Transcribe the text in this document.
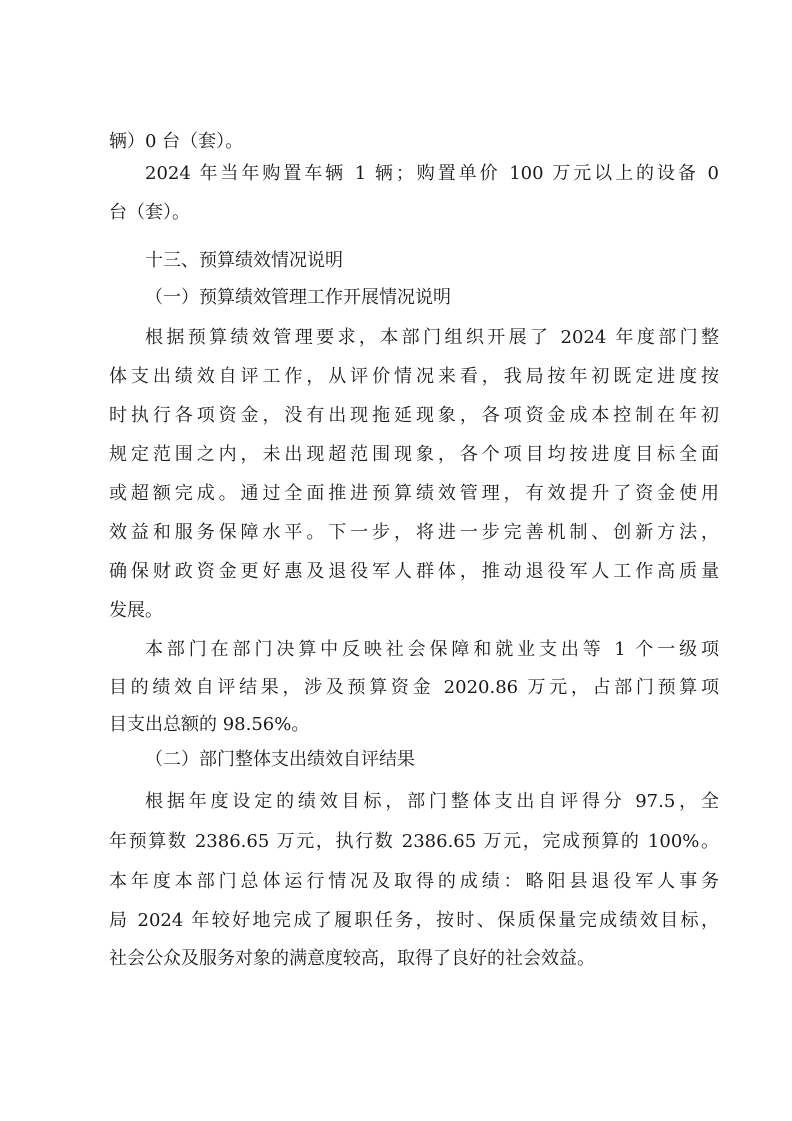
辆）0 台（套）。
2024 年当年购置车辆 1 辆；购置单价 100 万元以上的设备 0
台（套）。
十三、预算绩效情况说明
（一）预算绩效管理工作开展情况说明
根据预算绩效管理要求，本部门组织开展了 2024 年度部门整
体支出绩效自评工作，从评价情况来看，我局按年初既定进度按
时执行各项资金，没有出现拖延现象，各项资金成本控制在年初
规定范围之内，未出现超范围现象，各个项目均按进度目标全面
或超额完成。通过全面推进预算绩效管理，有效提升了资金使用
效益和服务保障水平。下一步，将进一步完善机制、创新方法，
确保财政资金更好惠及退役军人群体，推动退役军人工作高质量
发展。
本部门在部门决算中反映社会保障和就业支出等 1 个一级项
目的绩效自评结果，涉及预算资金 2020.86 万元，占部门预算项
目支出总额的 98.56%。
（二）部门整体支出绩效自评结果
根据年度设定的绩效目标，部门整体支出自评得分 97.5，全
年预算数 2386.65 万元，执行数 2386.65 万元，完成预算的 100%。
本年度本部门总体运行情况及取得的成绩：略阳县退役军人事务
局 2024 年较好地完成了履职任务，按时、保质保量完成绩效目标，
社会公众及服务对象的满意度较高，取得了良好的社会效益。
